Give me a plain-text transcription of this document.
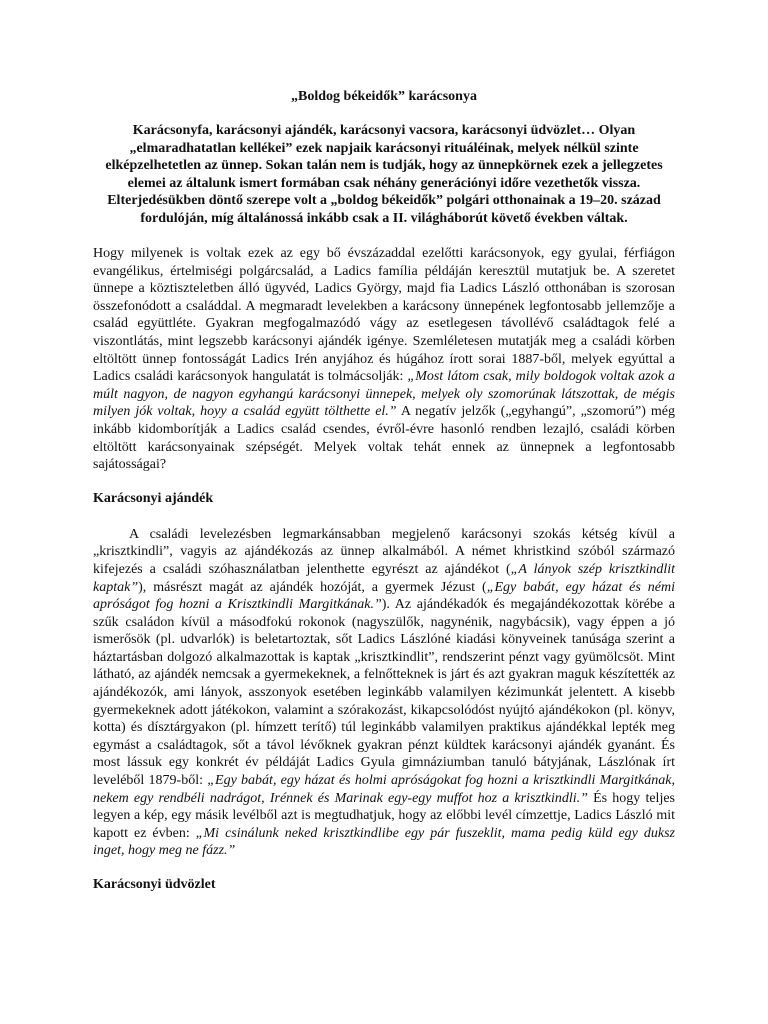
„Boldog békeidők” karácsonya

Karácsonyfa, karácsonyi ajándék, karácsonyi vacsora, karácsonyi üdvözlet… Olyan „elmaradhatatlan kellékei” ezek napjaik karácsonyi rituáléinak, melyek nélkül szinte elképzelhetetlen az ünnep. Sokan talán nem is tudják, hogy az ünnepkörnek ezek a jellegzetes elemei az általunk ismert formában csak néhány generációnyi időre vezethetők vissza. Elterjedésükben döntő szerepe volt a „boldog békeidők” polgári otthonainak a 19–20. század fordulóján, míg általánossá inkább csak a II. világháborút követő években váltak.

Hogy milyenek is voltak ezek az egy bő évszázaddal ezelőtti karácsonyok, egy gyulai, férfiágon evangélikus, értelmiségi polgárcsalád, a Ladics família példáján keresztül mutatjuk be. A szeretet ünnepe a köztiszteletben álló ügyvéd, Ladics György, majd fia Ladics László otthonában is szorosan összefonódott a családdal. A megmaradt levelekben a karácsony ünnepének legfontosabb jellemzője a család együttléte. Gyakran megfogalmazódó vágy az esetlegesen távollévő családtagok felé a viszontlátás, mint legszebb karácsonyi ajándék igénye. Szemléletesen mutatják meg a családi körben eltöltött ünnep fontosságát Ladics Irén anyjához és húgához írott sorai 1887-ből, melyek egyúttal a Ladics családi karácsonyok hangulatát is tolmácsolják: „Most látom csak, mily boldogok voltak azok a múlt nagyon, de nagyon egyhangú karácsonyi ünnepek, melyek oly szomorúnak látszottak, de mégis milyen jók voltak, hoyy a család együtt tölthette el.” A negatív jelzők („egyhangú”, „szomorú”) még inkább kidomborítják a Ladics család csendes, évről-évre hasonló rendben lezajló, családi körben eltöltött karácsonyainak szépségét. Melyek voltak tehát ennek az ünnepnek a legfontosabb sajátosságai?

Karácsonyi ajándék

A családi levelezésben legmarkánsabban megjelenő karácsonyi szokás kétség kívül a „krisztkindli”, vagyis az ajándékozás az ünnep alkalmából. A német khristkind szóból származó kifejezés a családi szóhasználatban jelenthette egyrészt az ajándékot („A lányok szép krisztkindlit kaptak”), másrészt magát az ajándék hozóját, a gyermek Jézust („Egy babát, egy házat és némi apróságot fog hozni a Krisztkindli Margitkának.”). Az ajándékadók és megajándékozottak körébe a szűk családon kívül a másodfokú rokonok (nagyszülők, nagynénik, nagybácsik), vagy éppen a jó ismerősök (pl. udvarlók) is beletartoztak, sőt Ladics Lászlóné kiadási könyveinek tanúsága szerint a háztartásban dolgozó alkalmazottak is kaptak „krisztkindlit”, rendszerint pénzt vagy gyümölcsöt. Mint látható, az ajándék nemcsak a gyermekeknek, a felnőtteknek is járt és azt gyakran maguk készítették az ajándékozók, ami lányok, asszonyok esetében leginkább valamilyen kézimunkát jelentett. A kisebb gyermekeknek adott játékokon, valamint a szórakozást, kikapcsolódóst nyújtó ajándékokon (pl. könyv, kotta) és dísztárgyakon (pl. hímzett terítő) túl leginkább valamilyen praktikus ajándékkal lepték meg egymást a családtagok, sőt a távol lévőknek gyakran pénzt küldtek karácsonyi ajándék gyanánt. És most lássuk egy konkrét év példáját Ladics Gyula gimnáziumban tanuló bátyjának, Lászlónak írt leveléből 1879-ből: „Egy babát, egy házat és holmi apróságokat fog hozni a krisztkindli Margitkának, nekem egy rendbéli nadrágot, Irénnek és Marinak egy-egy muffot hoz a krisztkindli.” És hogy teljes legyen a kép, egy másik levélből azt is megtudhatjuk, hogy az előbbi levél címzettje, Ladics László mit kapott ez évben: „Mi csinálunk neked krisztkindlibe egy pár fuszeklit, mama pedig küld egy duksz inget, hogy meg ne fázz.”

Karácsonyi üdvözlet
